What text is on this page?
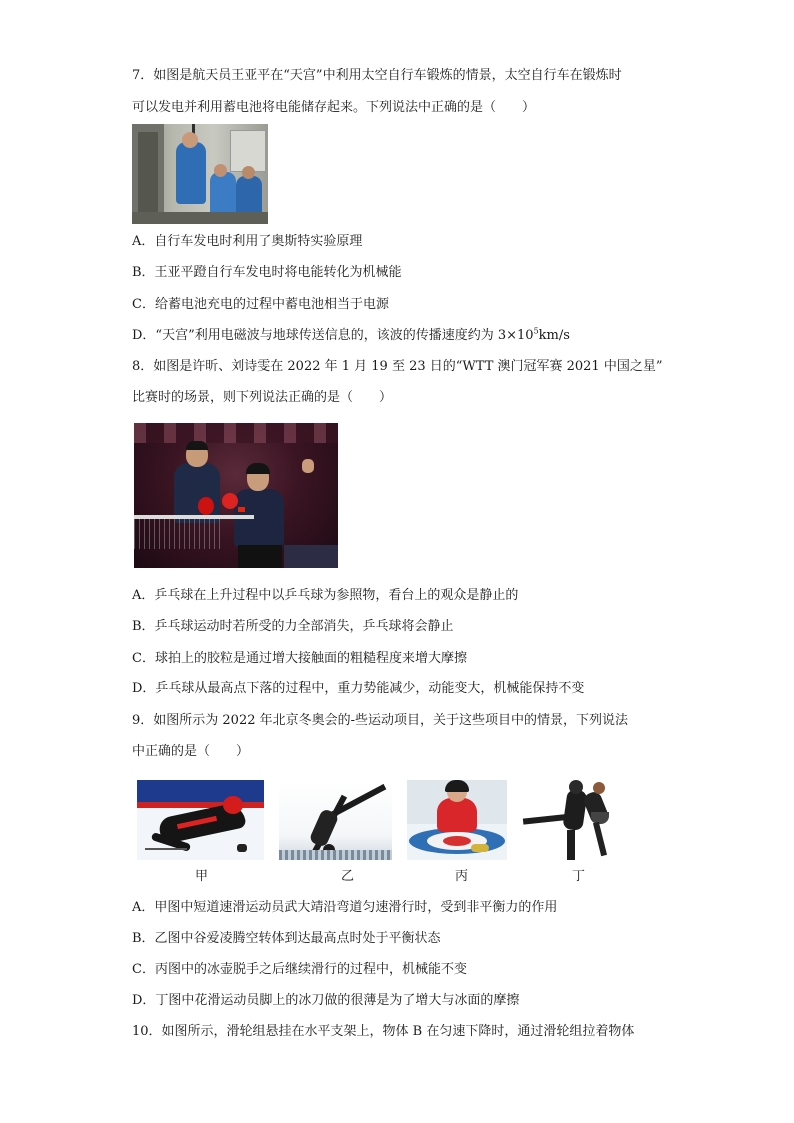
7．如图是航天员王亚平在“天宫”中利用太空自行车锻炼的情景，太空自行车在锻炼时
可以发电并利用蓄电池将电能储存起来。下列说法中正确的是（　　）
A．自行车发电时利用了奥斯特实验原理
B．王亚平蹬自行车发电时将电能转化为机械能
C．给蓄电池充电的过程中蓄电池相当于电源
D．“天宫”利用电磁波与地球传送信息的，该波的传播速度约为 $3\times 10^5km/s$
8．如图是许昕、刘诗雯在 2022 年 1 月 19 至 23 日的“WTT 澳门冠军赛 2021 中国之星”
比赛时的场景，则下列说法正确的是（　　）
A．乒乓球在上升过程中以乒乓球为参照物，看台上的观众是静止的
B．乒乓球运动时若所受的力全部消失，乒乓球将会静止
C．球拍上的胶粒是通过增大接触面的粗糙程度来增大摩擦
D．乒乓球从最高点下落的过程中，重力势能减少，动能变大，机械能保持不变
9．如图所示为 2022 年北京冬奥会的-些运动项目，关于这些项目中的情景，下列说法
中正确的是（　　）
甲	乙	丙	丁
A．甲图中短道速滑运动员武大靖沿弯道匀速滑行时，受到非平衡力的作用
B．乙图中谷爱凌腾空转体到达最高点时处于平衡状态
C．丙图中的冰壶脱手之后继续滑行的过程中，机械能不变
D．丁图中花滑运动员脚上的冰刀做的很薄是为了增大与冰面的摩擦
10．如图所示，滑轮组悬挂在水平支架上，物体 B 在匀速下降时，通过滑轮组拉着物体
